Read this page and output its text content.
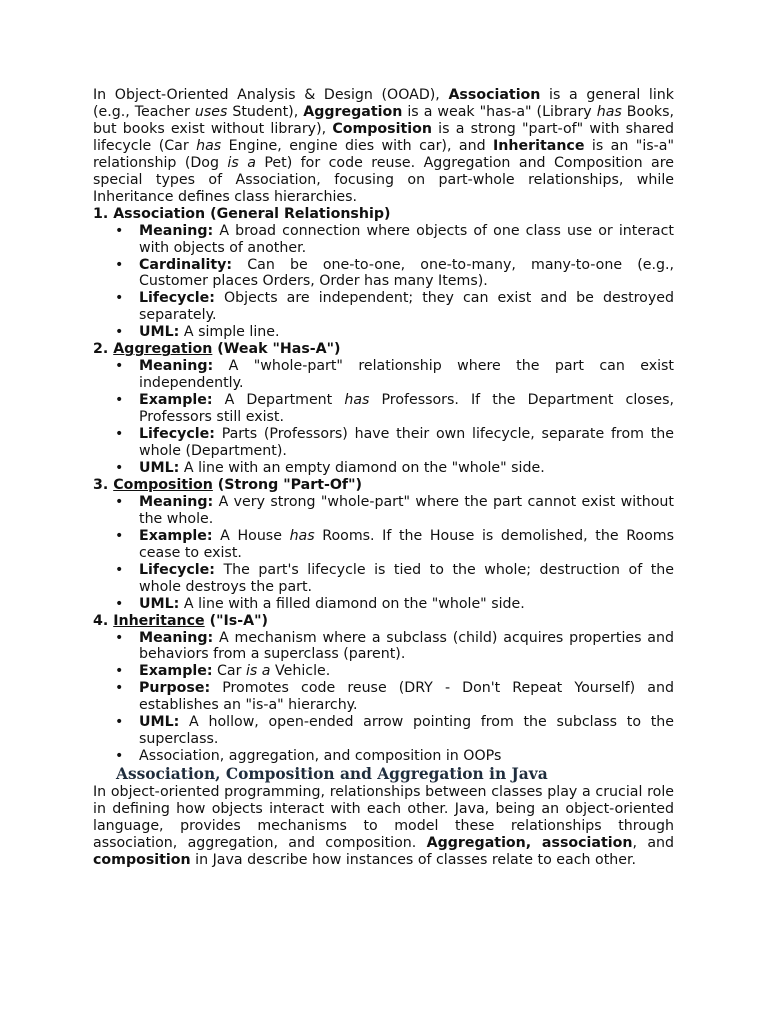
In Object-Oriented Analysis & Design (OOAD), Association is a general link (e.g., Teacher uses Student), Aggregation is a weak "has-a" (Library has Books, but books exist without library), Composition is a strong "part-of" with shared lifecycle (Car has Engine, engine dies with car), and Inheritance is an "is-a" relationship (Dog is a Pet) for code reuse. Aggregation and Composition are special types of Association, focusing on part-whole relationships, while Inheritance defines class hierarchies.

1. Association (General Relationship)
• Meaning: A broad connection where objects of one class use or interact with objects of another.
• Cardinality: Can be one-to-one, one-to-many, many-to-one (e.g., Customer places Orders, Order has many Items).
• Lifecycle: Objects are independent; they can exist and be destroyed separately.
• UML: A simple line.
2. Aggregation (Weak "Has-A")
• Meaning: A "whole-part" relationship where the part can exist independently.
• Example: A Department has Professors. If the Department closes, Professors still exist.
• Lifecycle: Parts (Professors) have their own lifecycle, separate from the whole (Department).
• UML: A line with an empty diamond on the "whole" side.
3. Composition (Strong "Part-Of")
• Meaning: A very strong "whole-part" where the part cannot exist without the whole.
• Example: A House has Rooms. If the House is demolished, the Rooms cease to exist.
• Lifecycle: The part's lifecycle is tied to the whole; destruction of the whole destroys the part.
• UML: A line with a filled diamond on the "whole" side.
4. Inheritance ("Is-A")
• Meaning: A mechanism where a subclass (child) acquires properties and behaviors from a superclass (parent).
• Example: Car is a Vehicle.
• Purpose: Promotes code reuse (DRY - Don't Repeat Yourself) and establishes an "is-a" hierarchy.
• UML: A hollow, open-ended arrow pointing from the subclass to the superclass.
• Association, aggregation, and composition in OOPs
Association, Composition and Aggregation in Java

In object-oriented programming, relationships between classes play a crucial role in defining how objects interact with each other. Java, being an object-oriented language, provides mechanisms to model these relationships through association, aggregation, and composition. Aggregation, association, and composition in Java describe how instances of classes relate to each other.
